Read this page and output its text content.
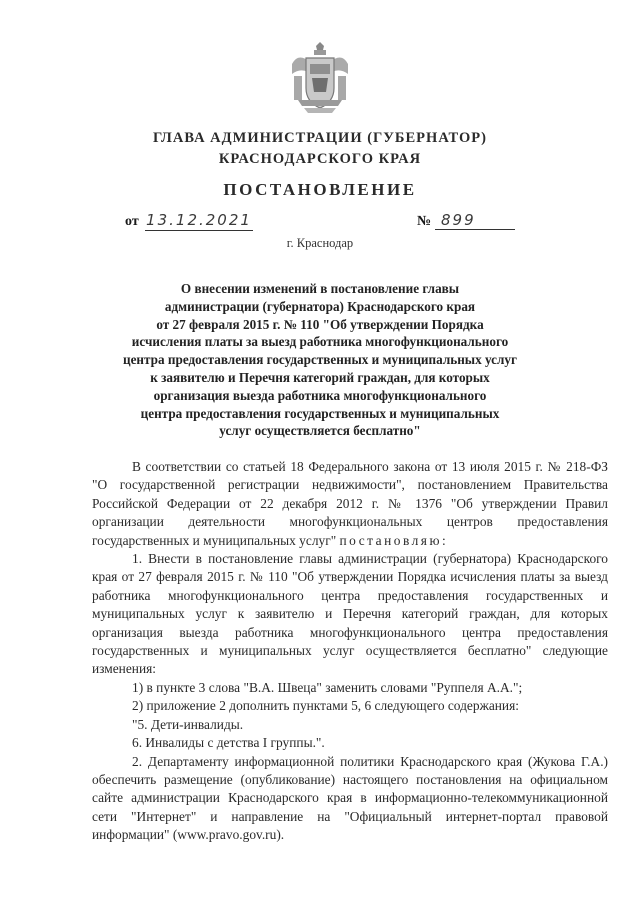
ГЛАВА АДМИНИСТРАЦИИ (ГУБЕРНАТОР)
КРАСНОДАРСКОГО КРАЯ
ПОСТАНОВЛЕНИЕ
от 13.12.2021	№ 899
г. Краснодар
О внесении изменений в постановление главы
администрации (губернатора) Краснодарского края
от 27 февраля 2015 г. № 110 "Об утверждении Порядка
исчисления платы за выезд работника многофункционального
центра предоставления государственных и муниципальных услуг
к заявителю и Перечня категорий граждан, для которых
организация выезда работника многофункционального
центра предоставления государственных и муниципальных
услуг осуществляется бесплатно"

В соответствии со статьей 18 Федерального закона от 13 июля 2015 г. № 218-ФЗ "О государственной регистрации недвижимости", постановлением Правительства Российской Федерации от 22 декабря 2012 г. № 1376 "Об утверждении Правил организации деятельности многофункциональных центров предоставления государственных и муниципальных услуг" постановляю:

1. Внести в постановление главы администрации (губернатора) Краснодарского края от 27 февраля 2015 г. № 110 "Об утверждении Порядка исчисления платы за выезд работника многофункционального центра предоставления государственных и муниципальных услуг к заявителю и Перечня категорий граждан, для которых организация выезда работника многофункционального центра предоставления государственных и муниципальных услуг осуществляется бесплатно" следующие изменения:

1) в пункте 3 слова "В.А. Швеца" заменить словами "Руппеля А.А.";

2) приложение 2 дополнить пунктами 5, 6 следующего содержания:

"5. Дети-инвалиды.

6. Инвалиды с детства I группы.".

2. Департаменту информационной политики Краснодарского края (Жукова Г.А.) обеспечить размещение (опубликование) настоящего постановления на официальном сайте администрации Краснодарского края в информационно-телекоммуникационной сети "Интернет" и направление на "Официальный интернет-портал правовой информации" (www.pravo.gov.ru).
